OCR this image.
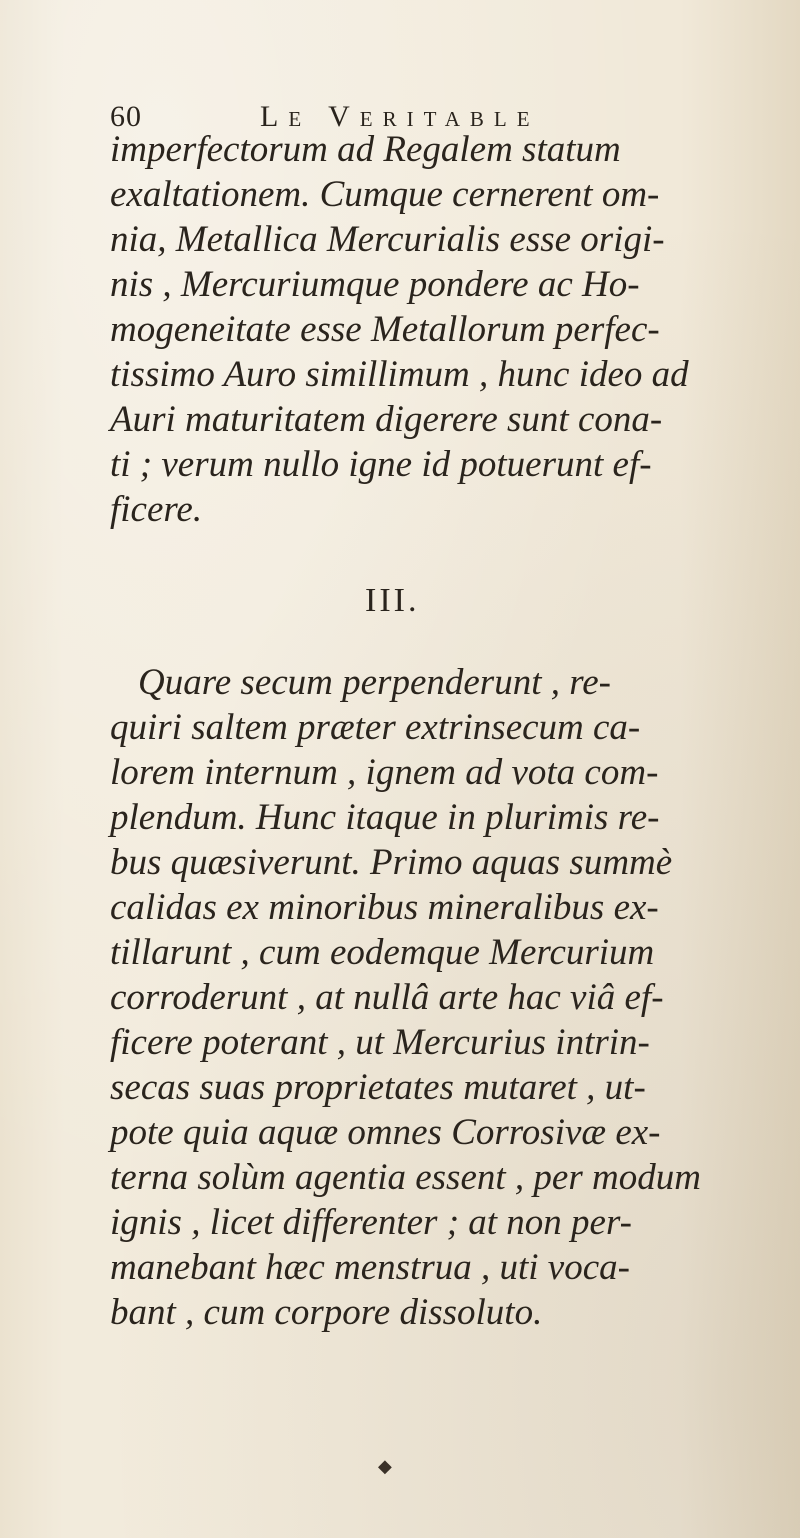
60	Le Veritable
imperfectorum ad Regalem statum
exaltationem. Cumque cernerent om-
nia, Metallica Mercurialis esse origi-
nis , Mercuriumque pondere ac Ho-
mogeneitate esse Metallorum perfec-
tissimo Auro simillimum , hunc ideo ad
Auri maturitatem digerere sunt cona-
ti ; verum nullo igne id potuerunt ef-
ficere.
III.
Quare secum perpenderunt , re-
quiri saltem præter extrinsecum ca-
lorem internum , ignem ad vota com-
plendum. Hunc itaque in plurimis re-
bus quæsiverunt. Primo aquas summè
calidas ex minoribus mineralibus ex-
tillarunt , cum eodemque Mercurium
corroderunt , at nullâ arte hac viâ ef-
ficere poterant , ut Mercurius intrin-
secas suas proprietates mutaret , ut-
pote quia aquæ omnes Corrosivæ ex-
terna solùm agentia essent , per modum
ignis , licet differenter ; at non per-
manebant hæc menstrua , uti voca-
bant , cum corpore dissoluto.
◆
